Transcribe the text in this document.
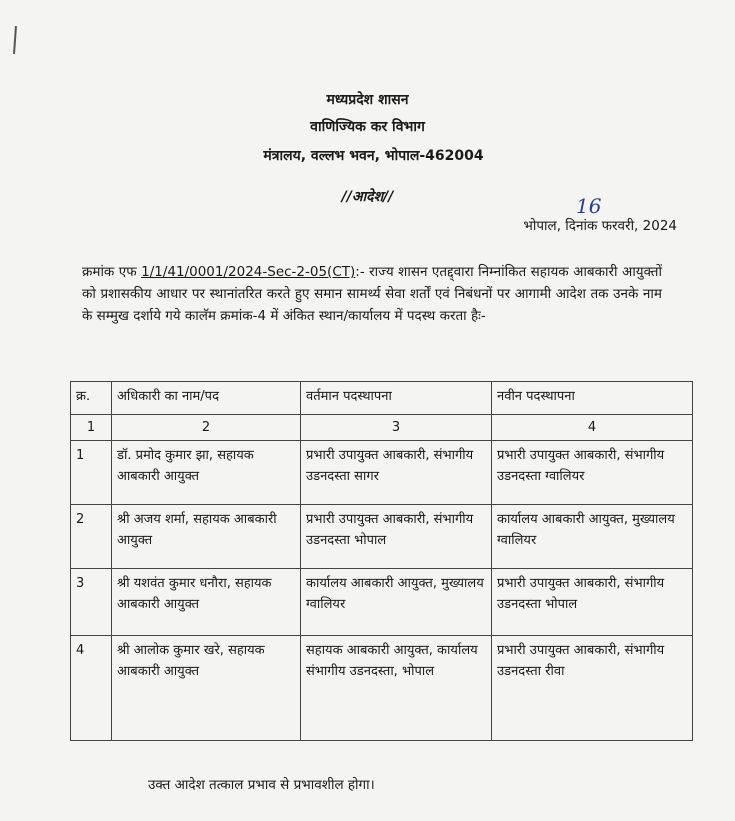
मध्यप्रदेश शासन
वाणिज्यिक कर विभाग
मंत्रालय, वल्लभ भवन, भोपाल-462004
//आदेश//	16
भोपाल, दिनांक फरवरी, 2024
क्रमांक एफ 1/1/41/0001/2024-Sec-2-05(CT):- राज्य शासन एतद्द्वारा निम्नांकित सहायक आबकारी आयुक्तों को प्रशासकीय आधार पर स्थानांतरित करते हुए समान सामर्थ्य सेवा शर्तों एवं निबंधनों पर आगामी आदेश तक उनके नाम के सम्मुख दर्शाये गये कालॅम क्रमांक-4 में अंकित स्थान/कार्यालय में पदस्थ करता हैः-
क्र.	अधिकारी का नाम/पद	वर्तमान पदस्थापना	नवीन पदस्थापना
1	2	3	4
1	डॉ. प्रमोद कुमार झा, सहायक आबकारी आयुक्त	प्रभारी उपायुक्त आबकारी, संभागीय उडनदस्ता सागर	प्रभारी उपायुक्त आबकारी, संभागीय उडनदस्ता ग्वालियर
2	श्री अजय शर्मा, सहायक आबकारी आयुक्त	प्रभारी उपायुक्त आबकारी, संभागीय उडनदस्ता भोपाल	कार्यालय आबकारी आयुक्त, मुख्यालय ग्वालियर
3	श्री यशवंत कुमार धनौरा, सहायक आबकारी आयुक्त	कार्यालय आबकारी आयुक्त, मुख्यालय ग्वालियर	प्रभारी उपायुक्त आबकारी, संभागीय उडनदस्ता भोपाल
4	श्री आलोक कुमार खरे, सहायक आबकारी आयुक्त	सहायक आबकारी आयुक्त, कार्यालय संभागीय उडनदस्ता, भोपाल	प्रभारी उपायुक्त आबकारी, संभागीय उडनदस्ता रीवा
उक्त आदेश तत्काल प्रभाव से प्रभावशील होगा।
